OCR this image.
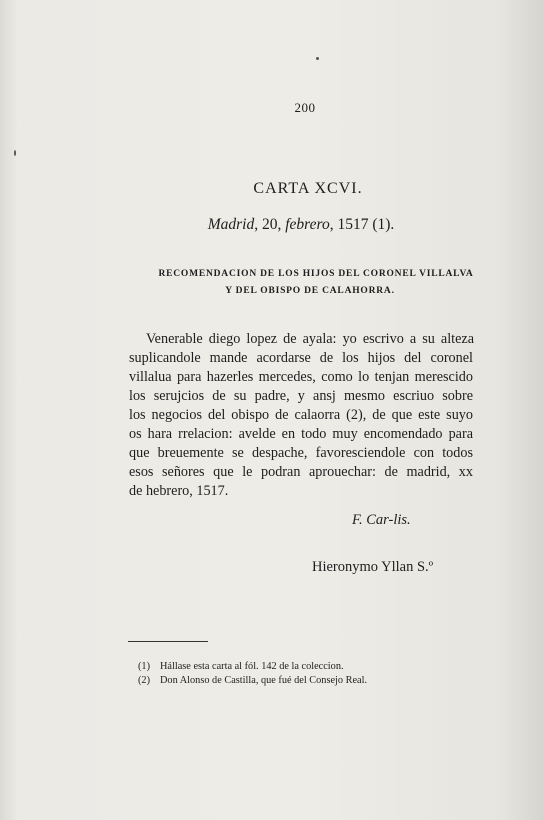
200
CARTA XCVI.
Madrid, 20, febrero, 1517 (1).
RECOMENDACION DE LOS HIJOS DEL CORONEL VILLALVA
Y DEL OBISPO DE CALAHORRA.
Venerable diego lopez de ayala: yo escrivo a su alteza
suplicandole mande acordarse de los hijos del coronel
villalua para hazerles mercedes, como lo tenjan merescido
los serujcios de su padre, y ansj mesmo escriuo sobre
los negocios del obispo de calaorra (2), de que este suyo
os hara rrelacion: avelde en todo muy encomendado para
que breuemente se despache, favoresciendole con todos
esos señores que le podran aprouechar: de madrid, xx
de hebrero, 1517.
F. Car-lis.
Hieronymo Yllan S.º
(1) Hállase esta carta al fól. 142 de la coleccion.
(2) Don Alonso de Castilla, que fué del Consejo Real.
